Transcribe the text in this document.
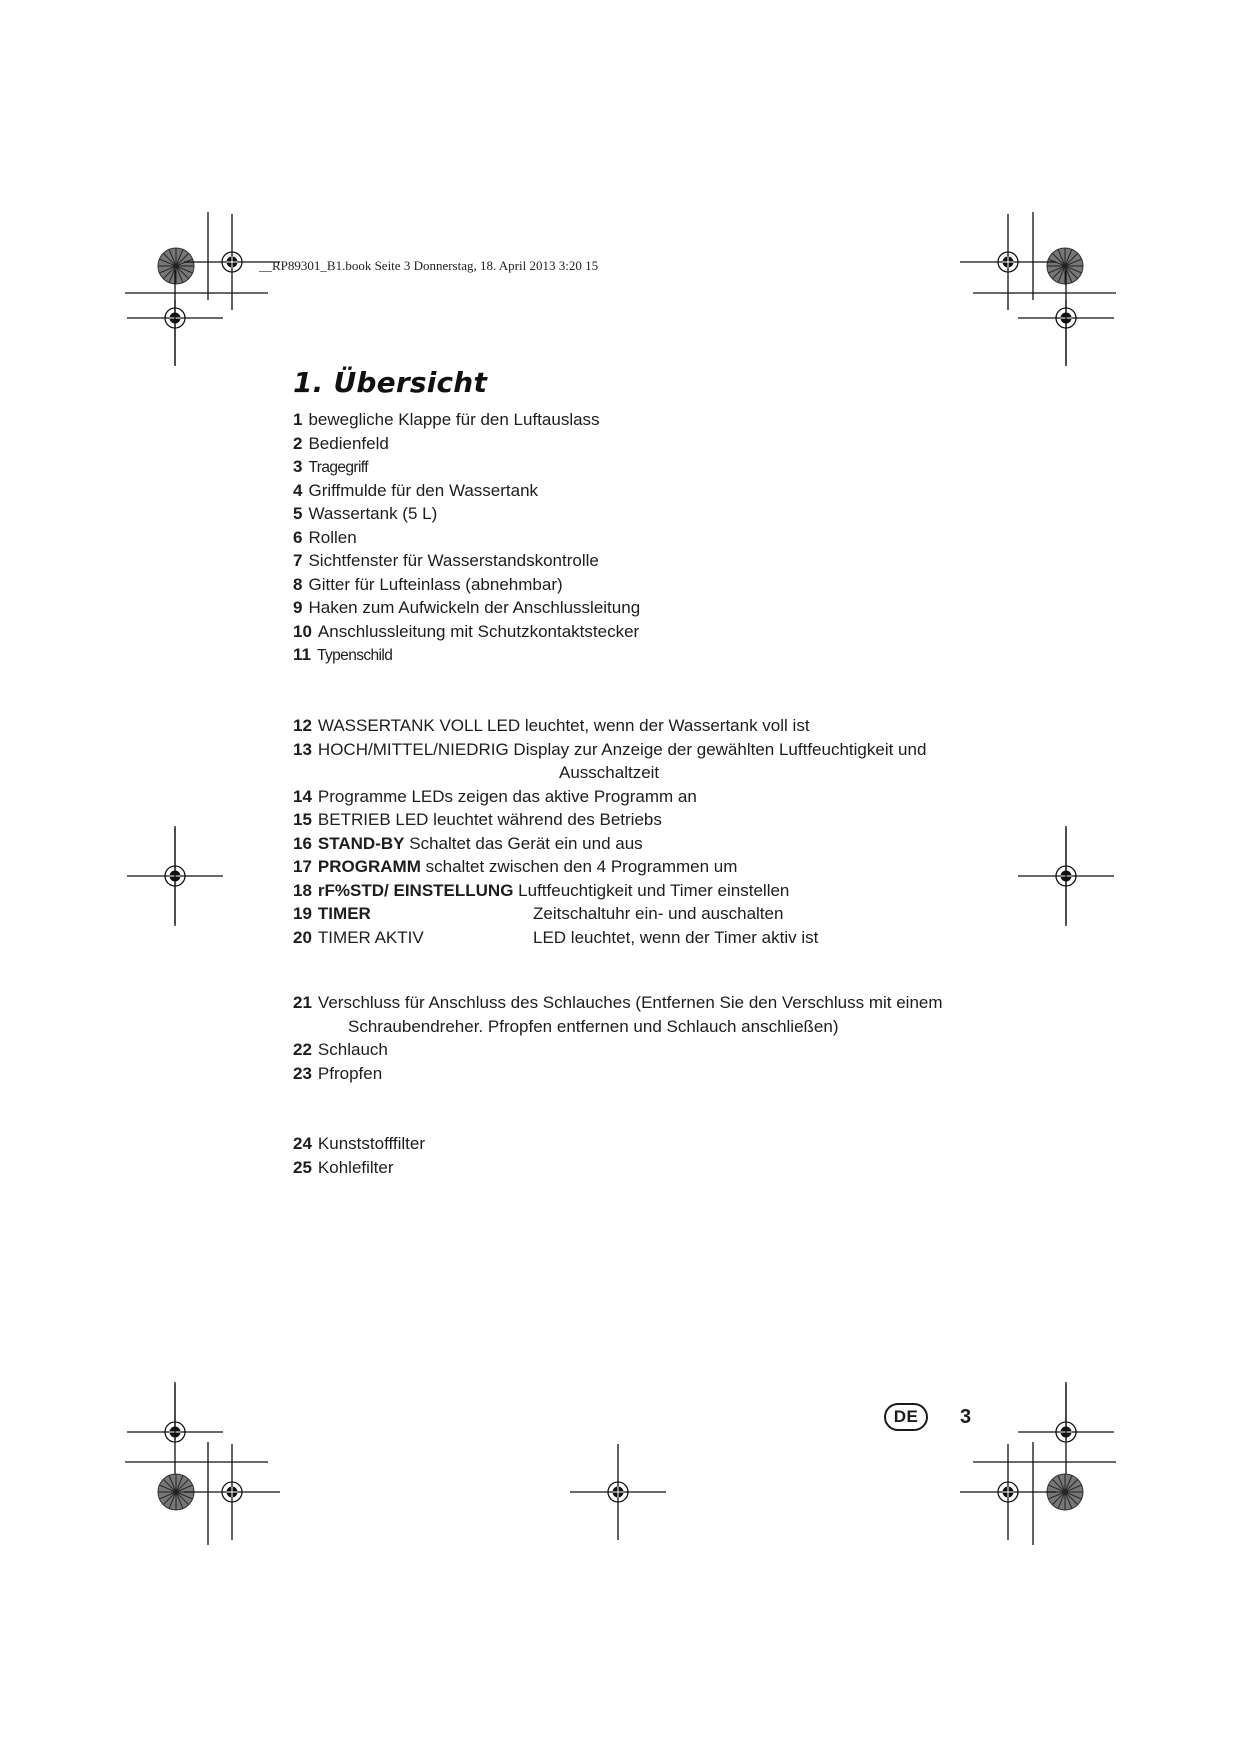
__RP89301_B1.book Seite 3 Donnerstag, 18. April 2013 3:20 15
1. Übersicht
1 bewegliche Klappe für den Luftauslass
2 Bedienfeld
3 Tragegriff
4 Griffmulde für den Wassertank
5 Wassertank (5 L)
6 Rollen
7 Sichtfenster für Wasserstandskontrolle
8 Gitter für Lufteinlass (abnehmbar)
9 Haken zum Aufwickeln der Anschlussleitung
10 Anschlussleitung mit Schutzkontaktstecker
11 Typenschild
12 WASSERTANK VOLL LED leuchtet, wenn der Wassertank voll ist
13 HOCH/MITTEL/NIEDRIG Display zur Anzeige der gewählten Luftfeuchtigkeit und
Ausschaltzeit
14 Programme LEDs zeigen das aktive Programm an
15 BETRIEB LED leuchtet während des Betriebs
16 STAND-BY Schaltet das Gerät ein und aus
17 PROGRAMM schaltet zwischen den 4 Programmen um
18 rF%STD/ EINSTELLUNG Luftfeuchtigkeit und Timer einstellen
19 TIMER	Zeitschaltuhr ein- und auschalten
20 TIMER AKTIV	LED leuchtet, wenn der Timer aktiv ist
21 Verschluss für Anschluss des Schlauches (Entfernen Sie den Verschluss mit einem
Schraubendreher. Pfropfen entfernen und Schlauch anschließen)
22 Schlauch
23 Pfropfen
24 Kunststofffilter
25 Kohlefilter
DE	3
